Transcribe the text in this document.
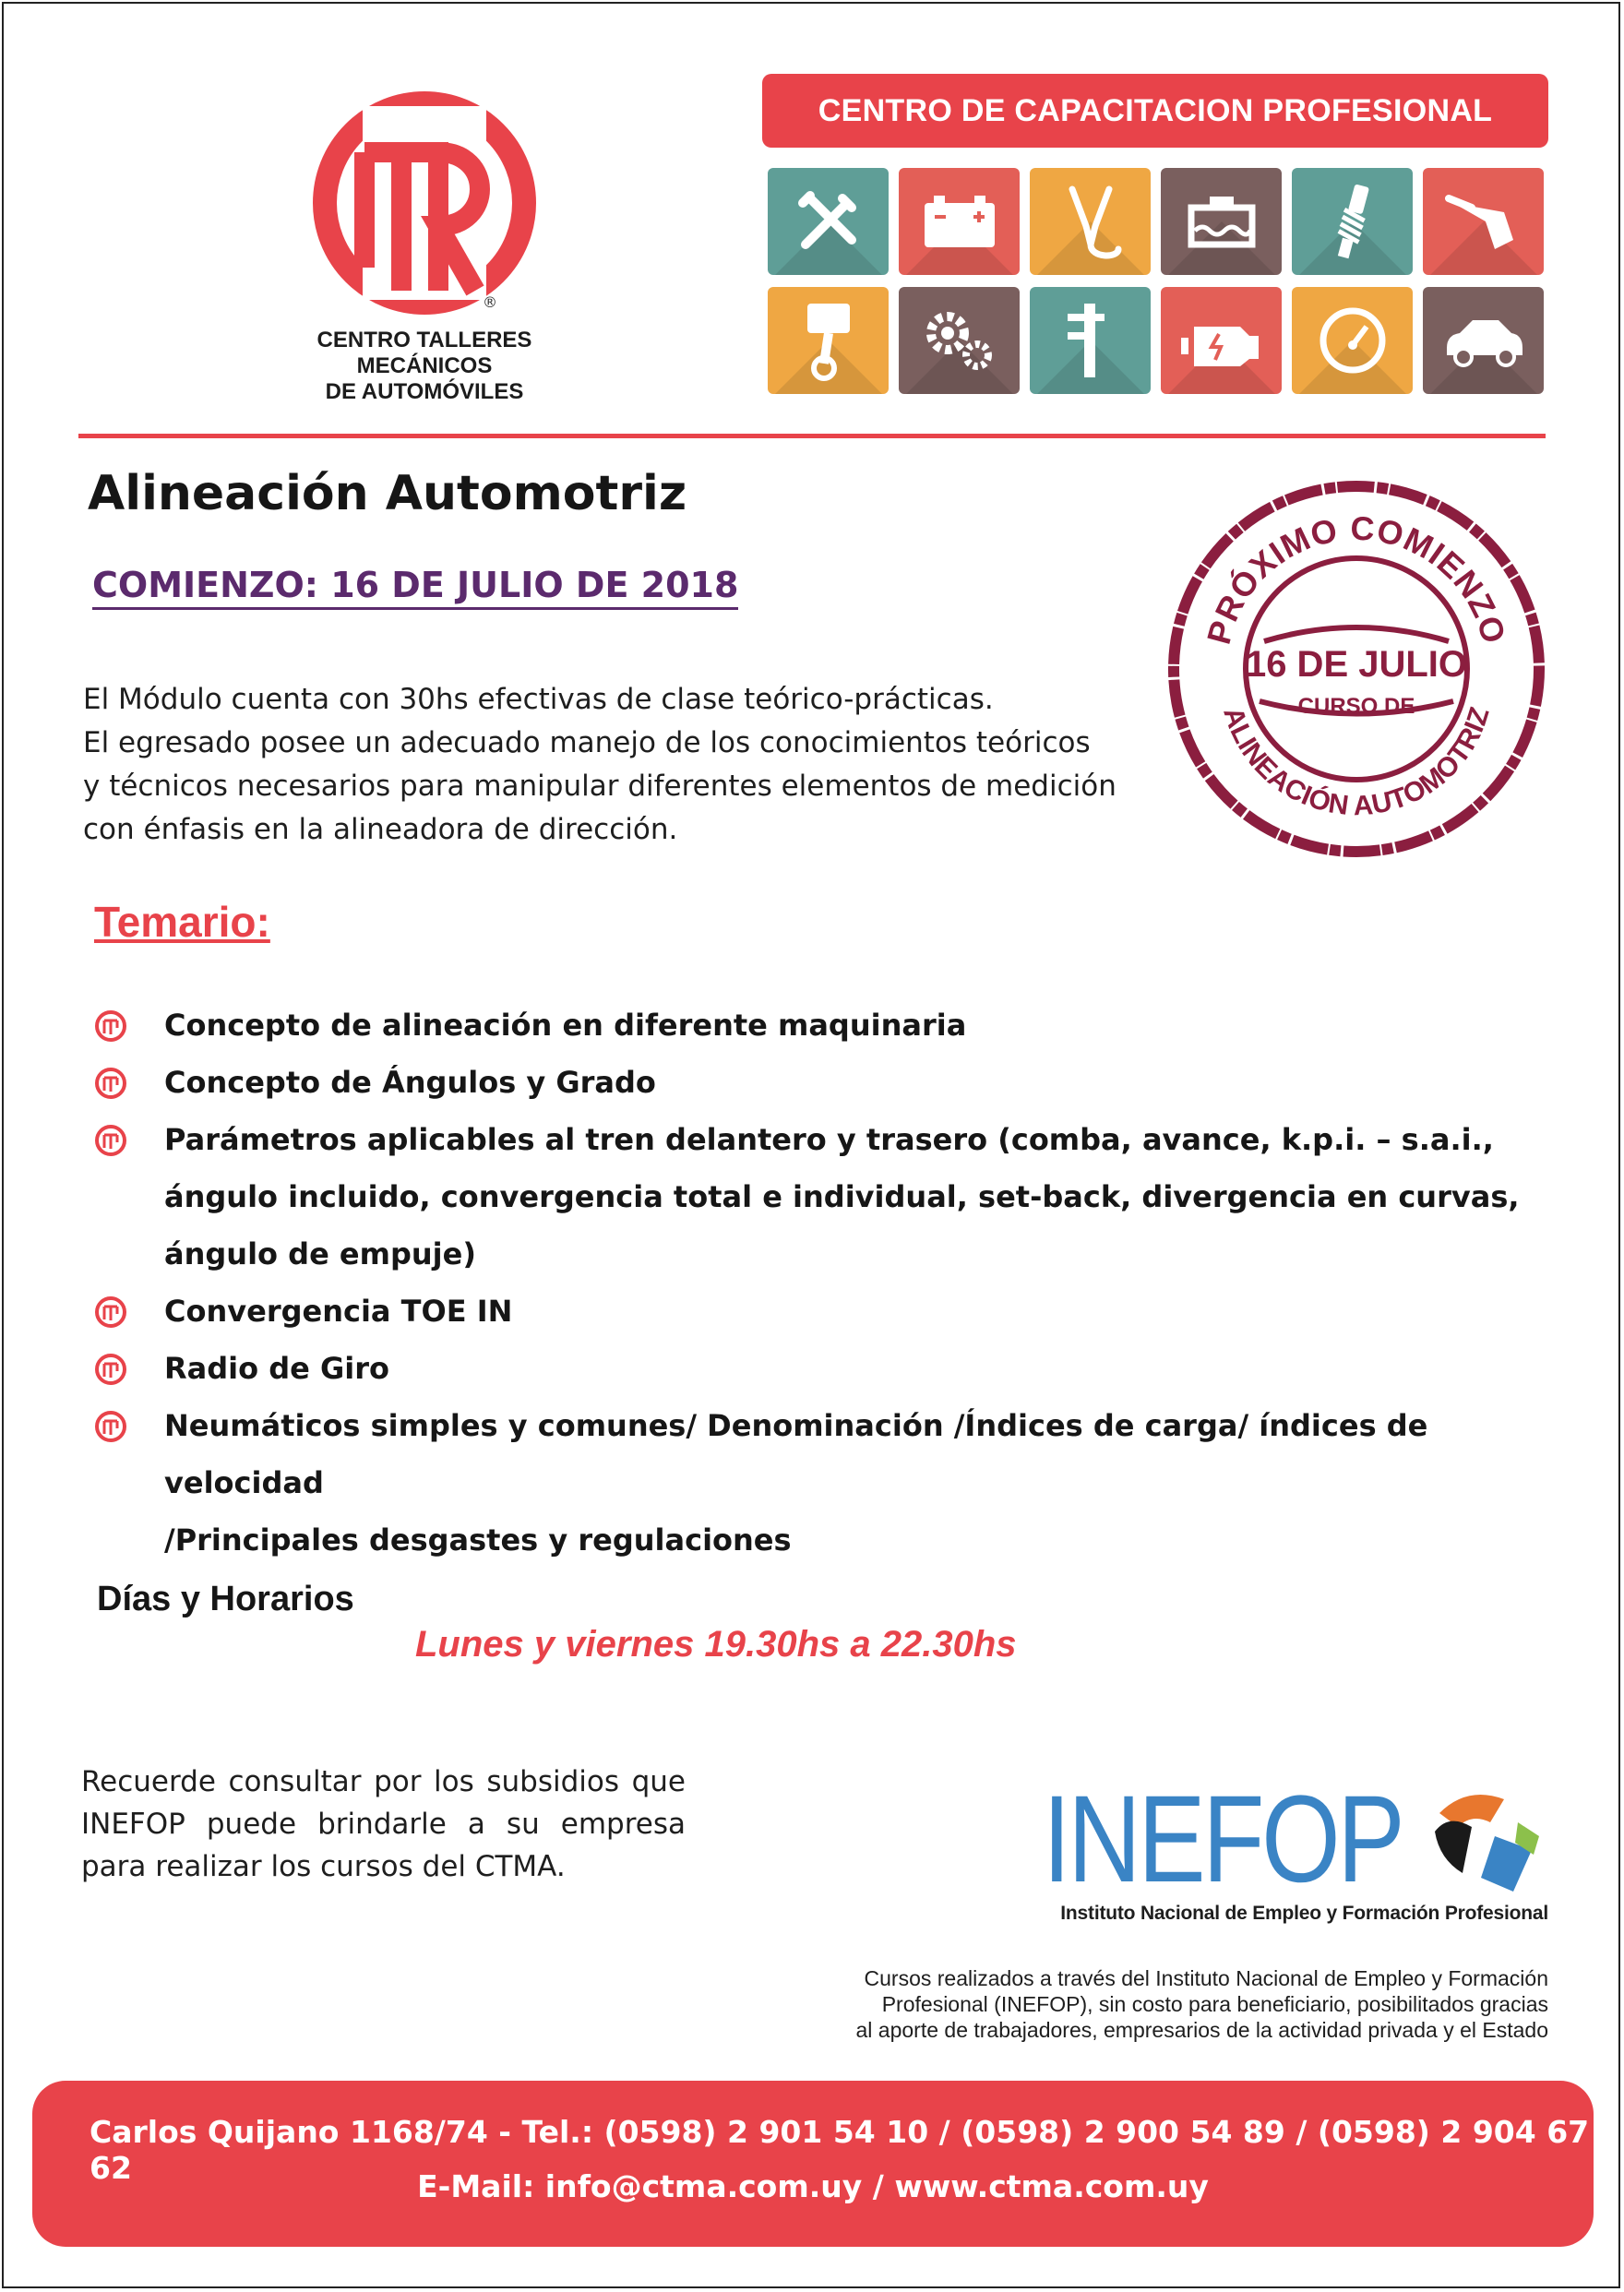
®
CENTRO TALLERES MECÁNICOS
DE AUTOMÓVILES
CENTRO DE CAPACITACION PROFESIONAL
Alineación Automotriz
COMIENZO: 16 DE JULIO DE 2018
El Módulo cuenta con 30hs efectivas de clase teórico-prácticas.
El egresado posee un adecuado manejo de los conocimientos teóricos
y técnicos necesarios para manipular diferentes elementos de medición
con énfasis en la alineadora de dirección.
PRÓXIMO COMIENZO
16 DE JULIO
CURSO DE
ALINEACIÓN AUTOMOTRIZ
Temario:
Concepto de alineación en diferente maquinaria
Concepto de Ángulos y Grado
Parámetros aplicables al tren delantero y trasero (comba, avance, k.p.i. – s.a.i.,
ángulo incluido, convergencia total e individual, set-back, divergencia en curvas,
ángulo de empuje)
Convergencia TOE IN
Radio de Giro
Neumáticos simples y comunes/ Denominación /Índices de carga/ índices de velocidad
/Principales desgastes y regulaciones
Días y Horarios
Lunes y viernes 19.30hs a 22.30hs
Recuerde consultar por los subsidios que INEFOP puede brindarle a su empresa para realizar los cursos del CTMA.	INEFOP
Instituto Nacional de Empleo y Formación Profesional
Cursos realizados a través del Instituto Nacional de Empleo y Formación
Profesional (INEFOP), sin costo para beneficiario, posibilitados gracias
al aporte de trabajadores, empresarios de la actividad privada y el Estado
Carlos Quijano 1168/74 - Tel.: (0598) 2 901 54 10 / (0598) 2 900 54 89 / (0598) 2 904 67 62
E-Mail: info@ctma.com.uy / www.ctma.com.uy
